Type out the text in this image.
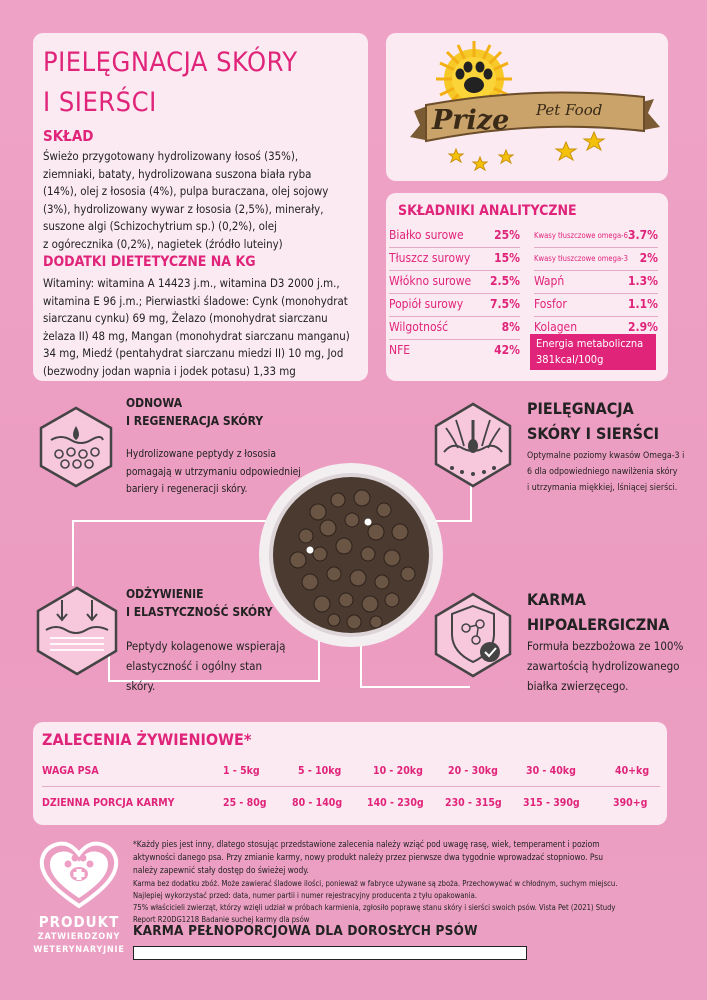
PIELĘGNACJA SKÓRY
I SIERŚCI
SKŁAD
Świeżo przygotowany hydrolizowany łosoś (35%),
ziemniaki, bataty, hydrolizowana suszona biała ryba
(14%), olej z łososia (4%), pulpa buraczana, olej sojowy
(3%), hydrolizowany wywar z łososia (2,5%), minerały,
suszone algi (Schizochytrium sp.) (0,2%), olej
z ogórecznika (0,2%), nagietek (źródło luteiny)
DODATKI DIETETYCZNE NA KG
Witaminy: witamina A 14423 j.m., witamina D3 2000 j.m.,
witamina E 96 j.m.; Pierwiastki śladowe: Cynk (monohydrat
siarczanu cynku) 69 mg, Żelazo (monohydrat siarczanu
żelaza II) 48 mg, Mangan (monohydrat siarczanu manganu)
34 mg, Miedź (pentahydrat siarczanu miedzi II) 10 mg, Jod
(bezwodny jodan wapnia i jodek potasu) 1,33 mg
Prize Pet Food
SKŁADNIKI ANALITYCZNE
Białko surowe	25%
Tłuszcz surowy 15%
Włókno surowe 2.5%
Popiół surowy 7.5%
Wilgotność	8%
NFE	42%
Kwasy tłuszczowe omega-6 3.7%
Kwasy tłuszczowe omega-3 2%
Wapń	1.3%
Fosfor	1.1%
Kolagen	2.9%
Energia metaboliczna
381kcal/100g
ODNOWA
I REGENERACJA SKÓRY
Hydrolizowane peptydy z łososia
pomagają w utrzymaniu odpowiedniej
bariery i regeneracji skóry.
PIELĘGNACJA
SKÓRY I SIERŚCI
Optymalne poziomy kwasów Omega-3 i
6 dla odpowiedniego nawilżenia skóry
i utrzymania miękkiej, lśniącej sierści.
ODŻYWIENIE
I ELASTYCZNOŚĆ SKÓRY
Peptydy kolagenowe wspierają
elastyczność i ogólny stan
skóry.
KARMA
HIPOALERGICZNA
Formuła bezzbożowa ze 100%
zawartością hydrolizowanego
białka zwierzęcego.
ZALECENIA ŻYWIENIOWE*
WAGA PSA	1 - 5kg	5 - 10kg	10 - 20kg 20 - 30kg	30 - 40kg	40+kg
DZIENNA PORCJA KARMY	25 - 80g 80 - 140g 140 - 230g 230 - 315g 315 - 390g	390+g
PRODUKT
ZATWIERDZONY
WETERYNARYJNIE
*Każdy pies jest inny, dlatego stosując przedstawione zalecenia należy wziąć pod uwagę rasę, wiek, temperament i poziom
aktywności danego psa. Przy zmianie karmy, nowy produkt należy przez pierwsze dwa tygodnie wprowadzać stopniowo. Psu
należy zapewnić stały dostęp do świeżej wody.
Karma bez dodatku zbóż. Może zawierać śladowe ilości, ponieważ w fabryce używane są zboża. Przechowywać w chłodnym, suchym miejscu.
Najlepiej wykorzystać przed: data, numer partii i numer rejestracyjny producenta z tyłu opakowania.
75% właścicieli zwierząt, którzy wzięli udział w próbach karmienia, zgłosiło poprawę stanu skóry i sierści swoich psów. Vista Pet (2021) Study
Report R20DG1218 Badanie suchej karmy dla psów
KARMA PEŁNOPORCJOWA DLA DOROSŁYCH PSÓW
